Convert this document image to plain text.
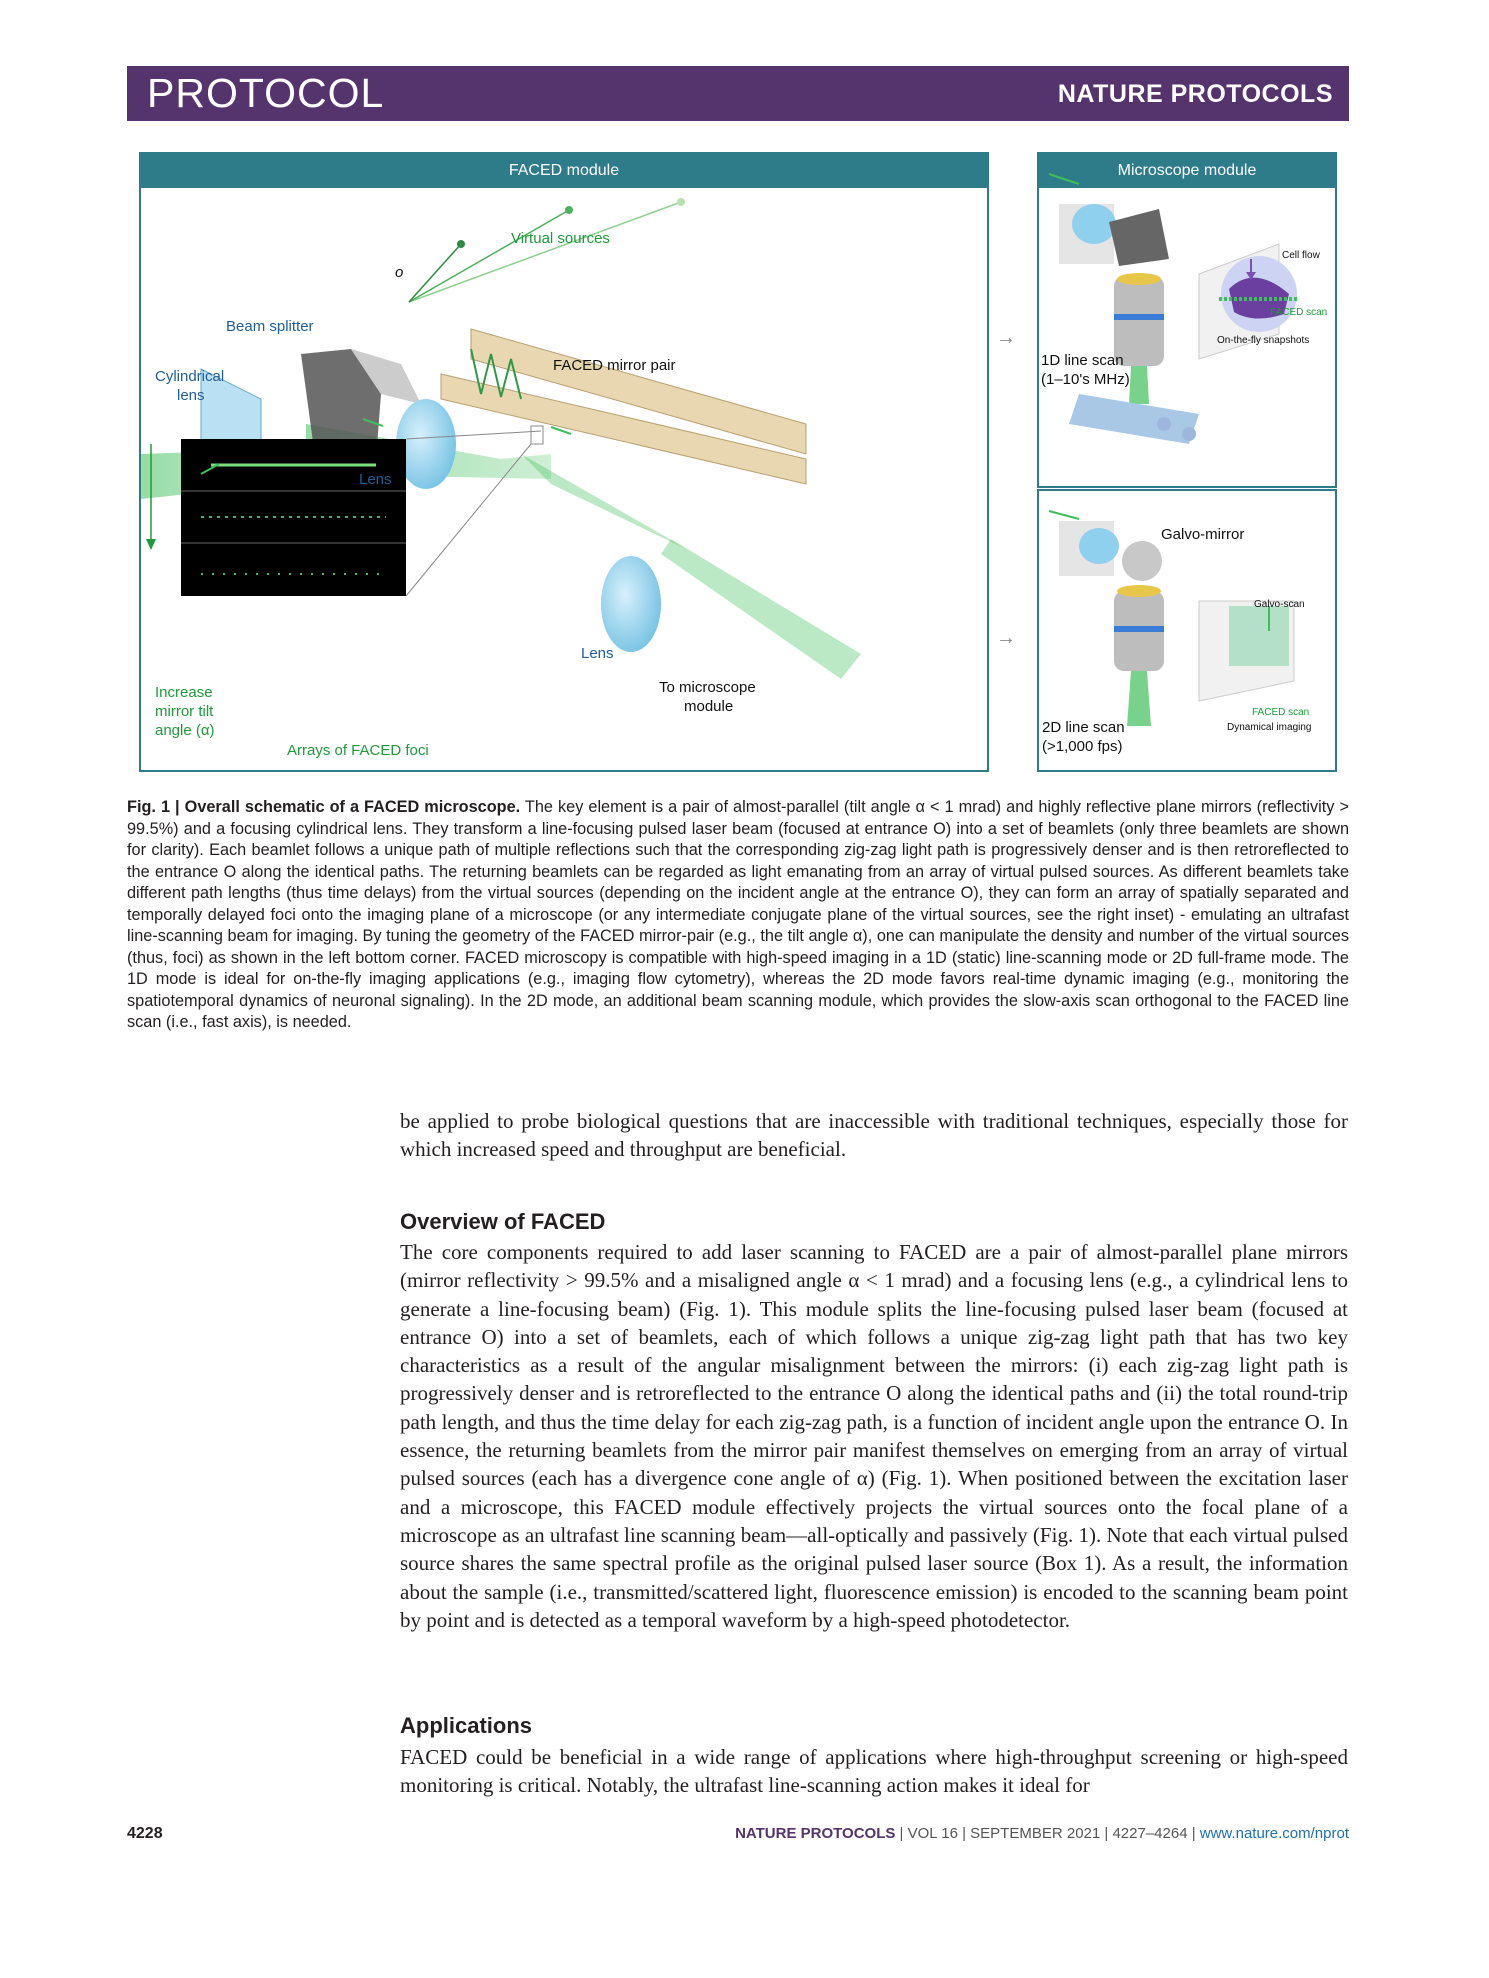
PROTOCOL	NATURE PROTOCOLS
FACED module
Virtual sources
o
Beam splitter
FACED mirror pair
Cylindrical
lens
Lens
Lens
To microscope
module
Increase
mirror tilt
angle (α)
Arrays of FACED foci
→
→
Microscope module
Cell flow
FACED scan
On-the-fly snapshots
1D line scan
(1–10's MHz)
Galvo-mirror
Galvo-scan
FACED scan
Dynamical imaging
2D line scan
(>1,000 fps)
Fig. 1 | Overall schematic of a FACED microscope. The key element is a pair of almost-parallel (tilt angle α < 1 mrad) and highly reflective plane mirrors (reflectivity > 99.5%) and a focusing cylindrical lens. They transform a line-focusing pulsed laser beam (focused at entrance O) into a set of beamlets (only three beamlets are shown for clarity). Each beamlet follows a unique path of multiple reflections such that the corresponding zig-zag light path is progressively denser and is then retroreflected to the entrance O along the identical paths. The returning beamlets can be regarded as light emanating from an array of virtual pulsed sources. As different beamlets take different path lengths (thus time delays) from the virtual sources (depending on the incident angle at the entrance O), they can form an array of spatially separated and temporally delayed foci onto the imaging plane of a microscope (or any intermediate conjugate plane of the virtual sources, see the right inset) - emulating an ultrafast line-scanning beam for imaging. By tuning the geometry of the FACED mirror-pair (e.g., the tilt angle α), one can manipulate the density and number of the virtual sources (thus, foci) as shown in the left bottom corner. FACED microscopy is compatible with high-speed imaging in a 1D (static) line-scanning mode or 2D full-frame mode. The 1D mode is ideal for on-the-fly imaging applications (e.g., imaging flow cytometry), whereas the 2D mode favors real-time dynamic imaging (e.g., monitoring the spatiotemporal dynamics of neuronal signaling). In the 2D mode, an additional beam scanning module, which provides the slow-axis scan orthogonal to the FACED line scan (i.e., fast axis), is needed.
be applied to probe biological questions that are inaccessible with traditional techniques, especially those for which increased speed and throughput are beneficial.
Overview of FACED
The core components required to add laser scanning to FACED are a pair of almost-parallel plane mirrors (mirror reflectivity > 99.5% and a misaligned angle α < 1 mrad) and a focusing lens (e.g., a cylindrical lens to generate a line-focusing beam) (Fig. 1). This module splits the line-focusing pulsed laser beam (focused at entrance O) into a set of beamlets, each of which follows a unique zig-zag light path that has two key characteristics as a result of the angular misalignment between the mirrors: (i) each zig-zag light path is progressively denser and is retroreflected to the entrance O along the identical paths and (ii) the total round-trip path length, and thus the time delay for each zig-zag path, is a function of incident angle upon the entrance O. In essence, the returning beamlets from the mirror pair manifest themselves on emerging from an array of virtual pulsed sources (each has a divergence cone angle of α) (Fig. 1). When positioned between the excitation laser and a microscope, this FACED module effectively projects the virtual sources onto the focal plane of a microscope as an ultrafast line scanning beam—all-optically and passively (Fig. 1). Note that each virtual pulsed source shares the same spectral profile as the original pulsed laser source (Box 1). As a result, the information about the sample (i.e., transmitted/scattered light, fluorescence emission) is encoded to the scanning beam point by point and is detected as a temporal waveform by a high-speed photodetector.
Applications
FACED could be beneficial in a wide range of applications where high-throughput screening or high-speed monitoring is critical. Notably, the ultrafast line-scanning action makes it ideal for
4228	NATURE PROTOCOLS | VOL 16 | SEPTEMBER 2021 | 4227–4264 | www.nature.com/nprot
